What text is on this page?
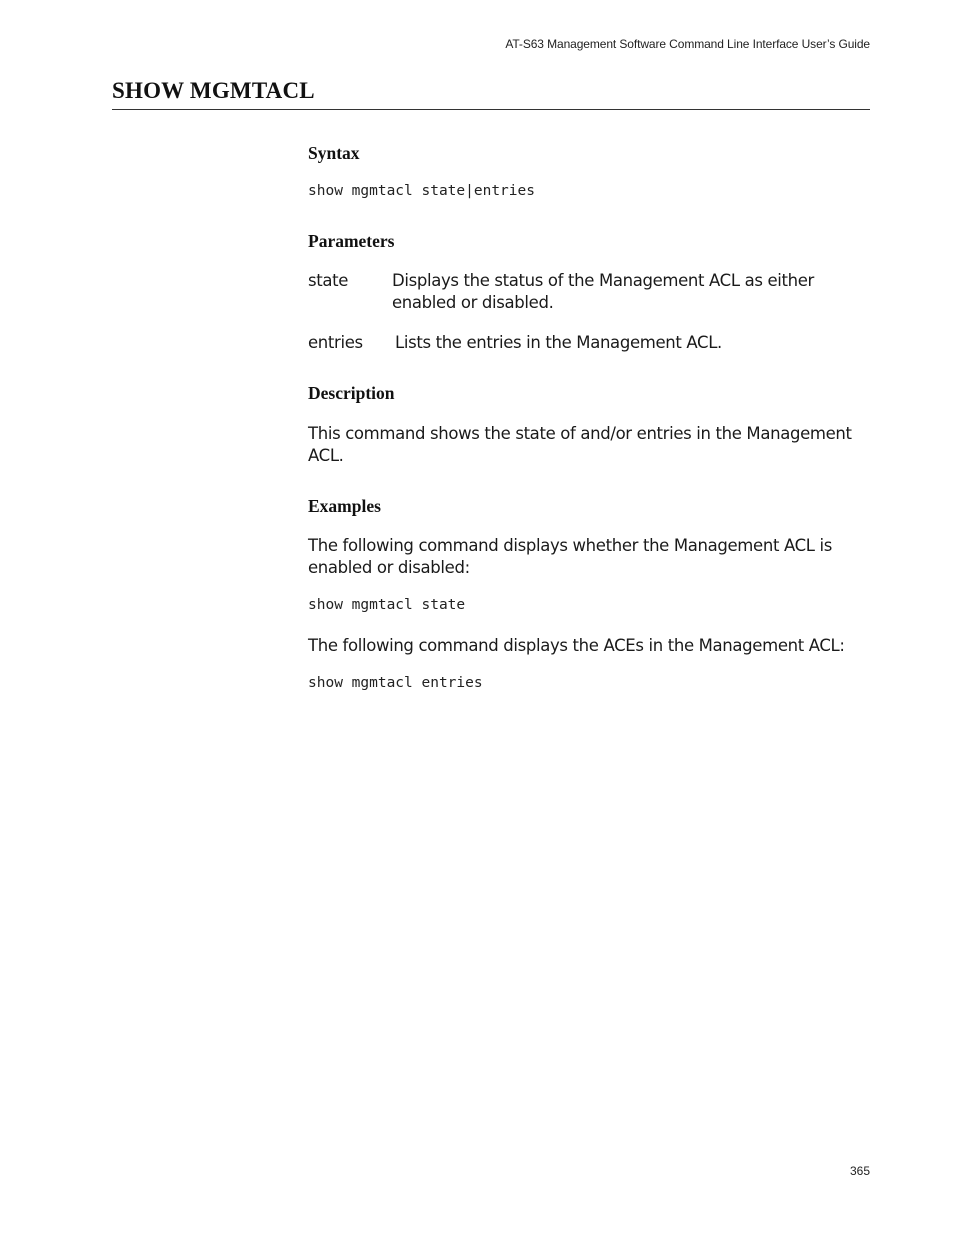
AT-S63 Management Software Command Line Interface User’s Guide
SHOW MGMTACL
Syntax
show mgmtacl state|entries
Parameters
state	Displays the status of the Management ACL as either enabled or disabled.

entries Lists the entries in the Management ACL.

Description

This command shows the state of and/or entries in the Management ACL.

Examples

The following command displays whether the Management ACL is enabled or disabled:

show mgmtacl state

The following command displays the ACEs in the Management ACL:

show mgmtacl entries
365
